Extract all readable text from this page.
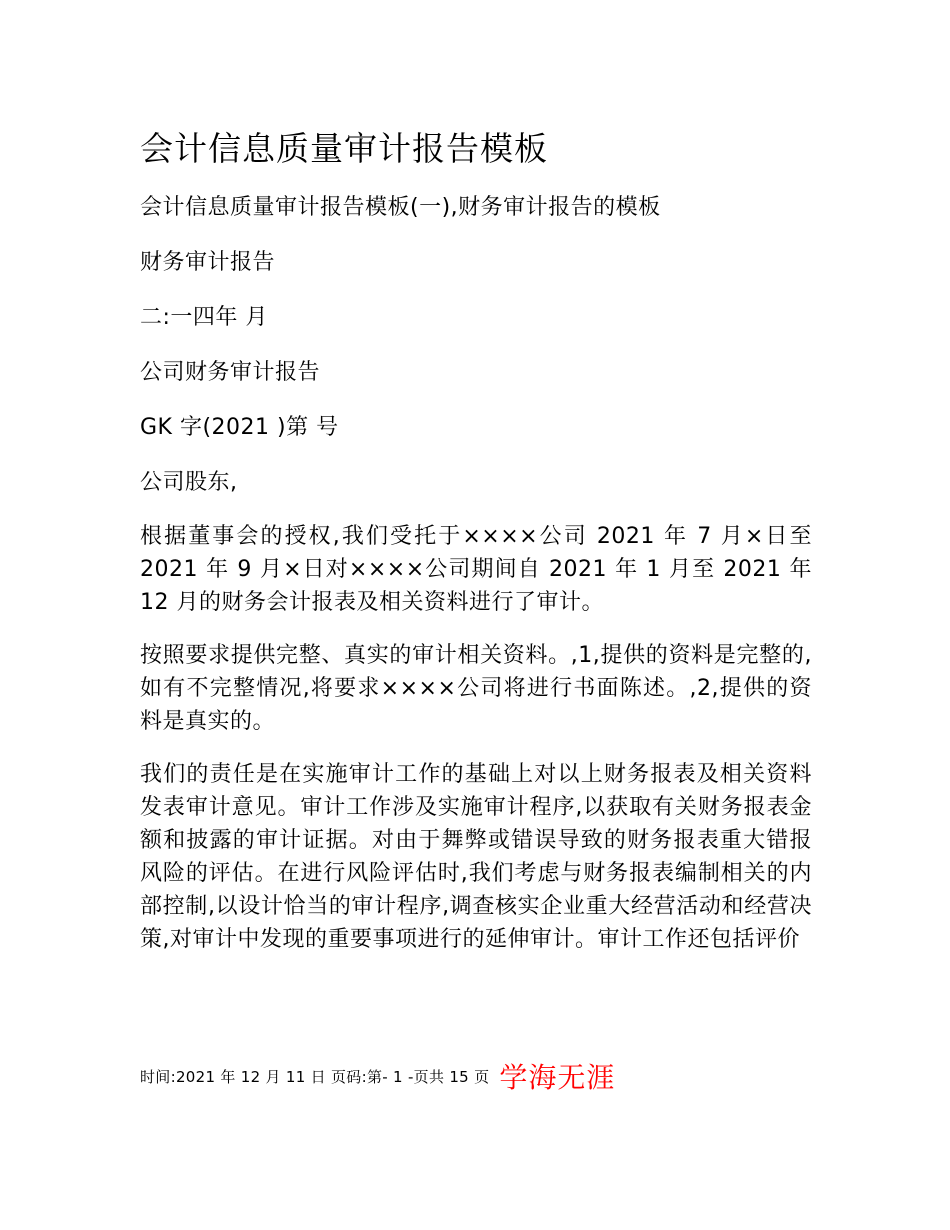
会计信息质量审计报告模板

会计信息质量审计报告模板(一),财务审计报告的模板

财务审计报告

二:一四年 月

公司财务审计报告

GK 字(2021 )第 号

公司股东,

根据董事会的授权,我们受托于××××公司 2021 年 7 月×日至 2021 年 9 月×日对××××公司期间自 2021 年 1 月至 2021 年 12 月的财务会计报表及相关资料进行了审计。

按照要求提供完整、真实的审计相关资料。,1,提供的资料是完整的,如有不完整情况,将要求××××公司将进行书面陈述。,2,提供的资料是真实的。

我们的责任是在实施审计工作的基础上对以上财务报表及相关资料发表审计意见。审计工作涉及实施审计程序,以获取有关财务报表金额和披露的审计证据。对由于舞弊或错误导致的财务报表重大错报风险的评估。在进行风险评估时,我们考虑与财务报表编制相关的内部控制,以设计恰当的审计程序,调查核实企业重大经营活动和经营决策,对审计中发现的重要事项进行的延伸审计。审计工作还包括评价

时间:2021 年 12 月 11 日 页码:第- 1 -页共 15 页 学海无涯
